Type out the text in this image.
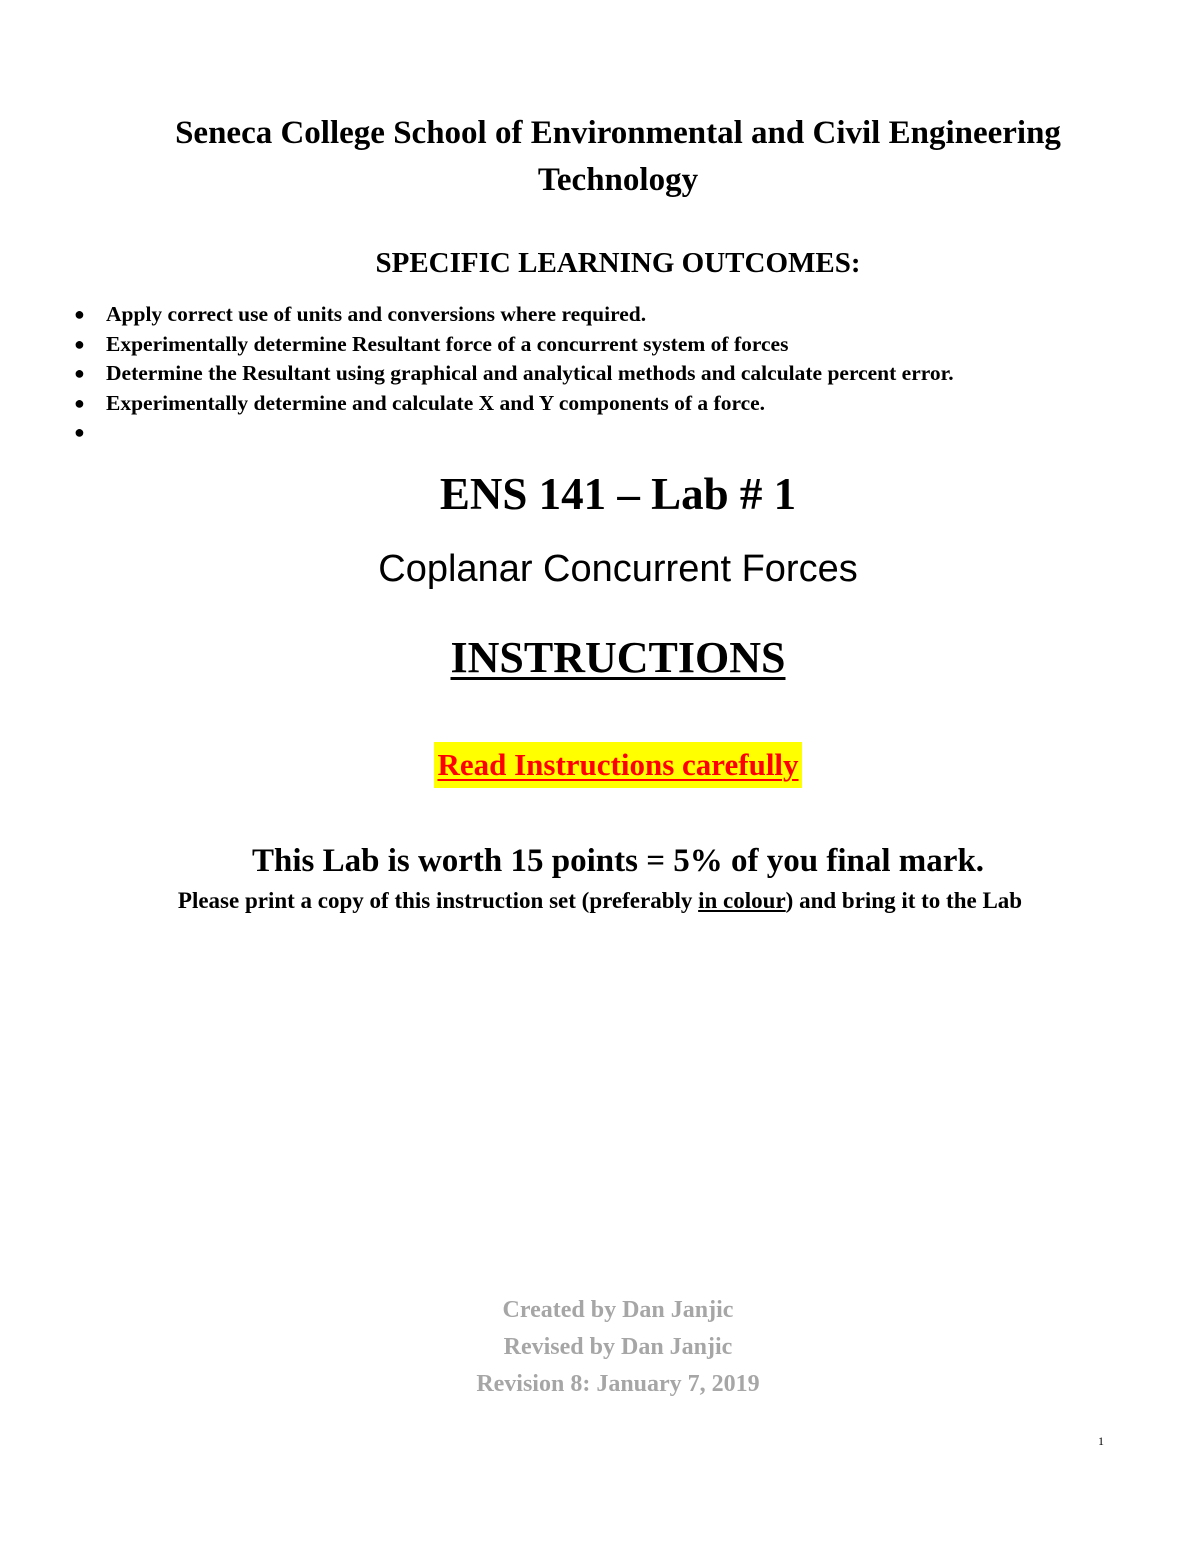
Seneca College School of Environmental and Civil Engineering
Technology
SPECIFIC LEARNING OUTCOMES:
● Apply correct use of units and conversions where required.
● Experimentally determine Resultant force of a concurrent system of forces
● Determine the Resultant using graphical and analytical methods and calculate percent error.
● Experimentally determine and calculate X and Y components of a force.
●
ENS 141 – Lab # 1
Coplanar Concurrent Forces
INSTRUCTIONS
Read Instructions carefully
This Lab is worth 15 points = 5% of you final mark.
Please print a copy of this instruction set (preferably in colour) and bring it to the Lab
Created by Dan Janjic
Revised by Dan Janjic
Revision 8: January 7, 2019
1
